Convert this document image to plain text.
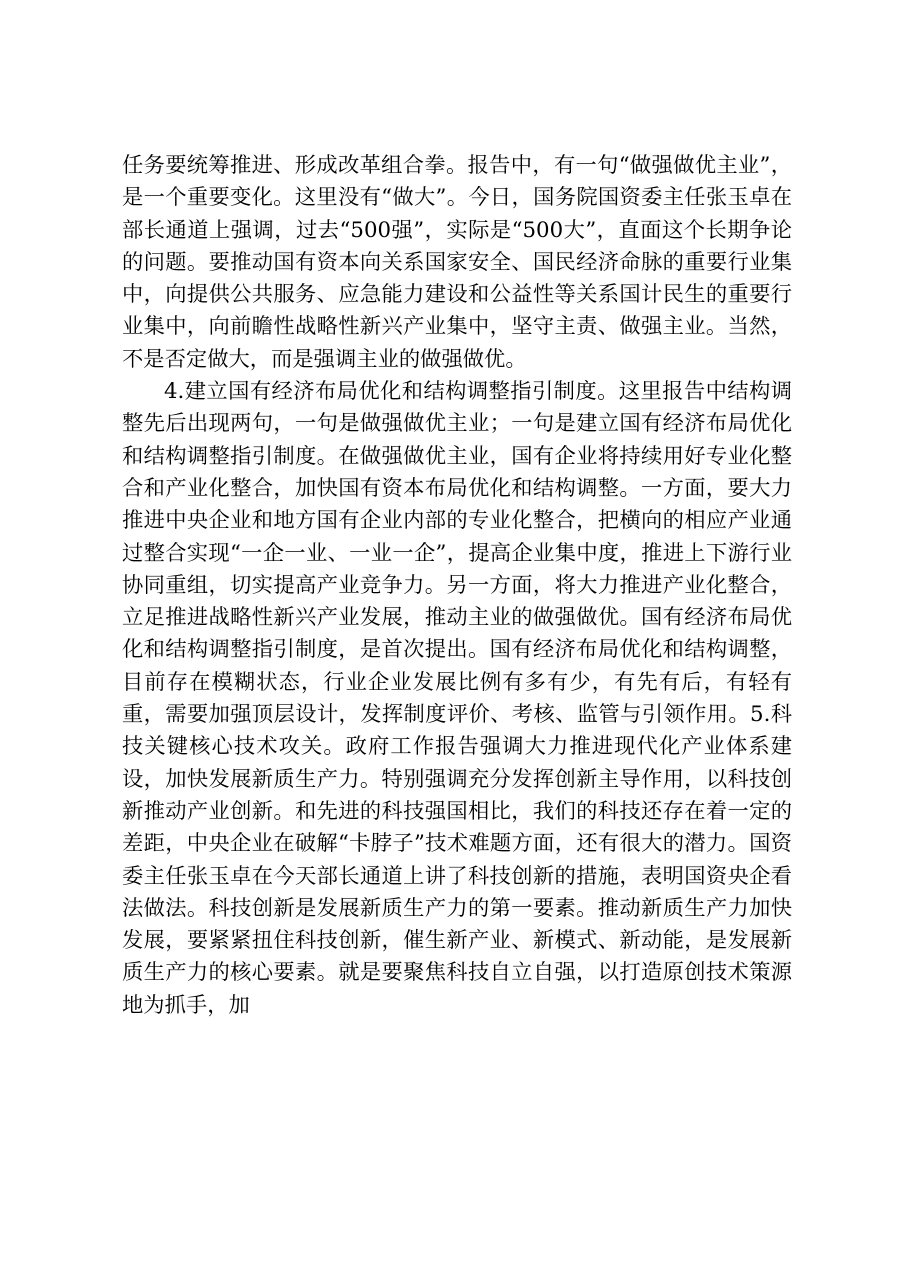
任务要统筹推进、形成改革组合拳。报告中，有一句“做强做优主业”，是一个重要变化。这里没有“做大”。今日，国务院国资委主任张玉卓在部长通道上强调，过去“500强”，实际是“500大”，直面这个长期争论的问题。要推动国有资本向关系国家安全、国民经济命脉的重要行业集中，向提供公共服务、应急能力建设和公益性等关系国计民生的重要行业集中，向前瞻性战略性新兴产业集中，坚守主责、做强主业。当然，不是否定做大，而是强调主业的做强做优。

4.建立国有经济布局优化和结构调整指引制度。这里报告中结构调整先后出现两句，一句是做强做优主业；一句是建立国有经济布局优化和结构调整指引制度。在做强做优主业，国有企业将持续用好专业化整合和产业化整合，加快国有资本布局优化和结构调整。一方面，要大力推进中央企业和地方国有企业内部的专业化整合，把横向的相应产业通过整合实现“一企一业、一业一企”，提高企业集中度，推进上下游行业协同重组，切实提高产业竞争力。另一方面，将大力推进产业化整合，立足推进战略性新兴产业发展，推动主业的做强做优。国有经济布局优化和结构调整指引制度，是首次提出。国有经济布局优化和结构调整，目前存在模糊状态，行业企业发展比例有多有少，有先有后，有轻有重，需要加强顶层设计，发挥制度评价、考核、监管与引领作用。5.科技关键核心技术攻关。政府工作报告强调大力推进现代化产业体系建设，加快发展新质生产力。特别强调充分发挥创新主导作用，以科技创新推动产业创新。和先进的科技强国相比，我们的科技还存在着一定的差距，中央企业在破解“卡脖子”技术难题方面，还有很大的潜力。国资委主任张玉卓在今天部长通道上讲了科技创新的措施，表明国资央企看法做法。科技创新是发展新质生产力的第一要素。推动新质生产力加快发展，要紧紧扭住科技创新，催生新产业、新模式、新动能，是发展新质生产力的核心要素。就是要聚焦科技自立自强，以打造原创技术策源地为抓手，加
